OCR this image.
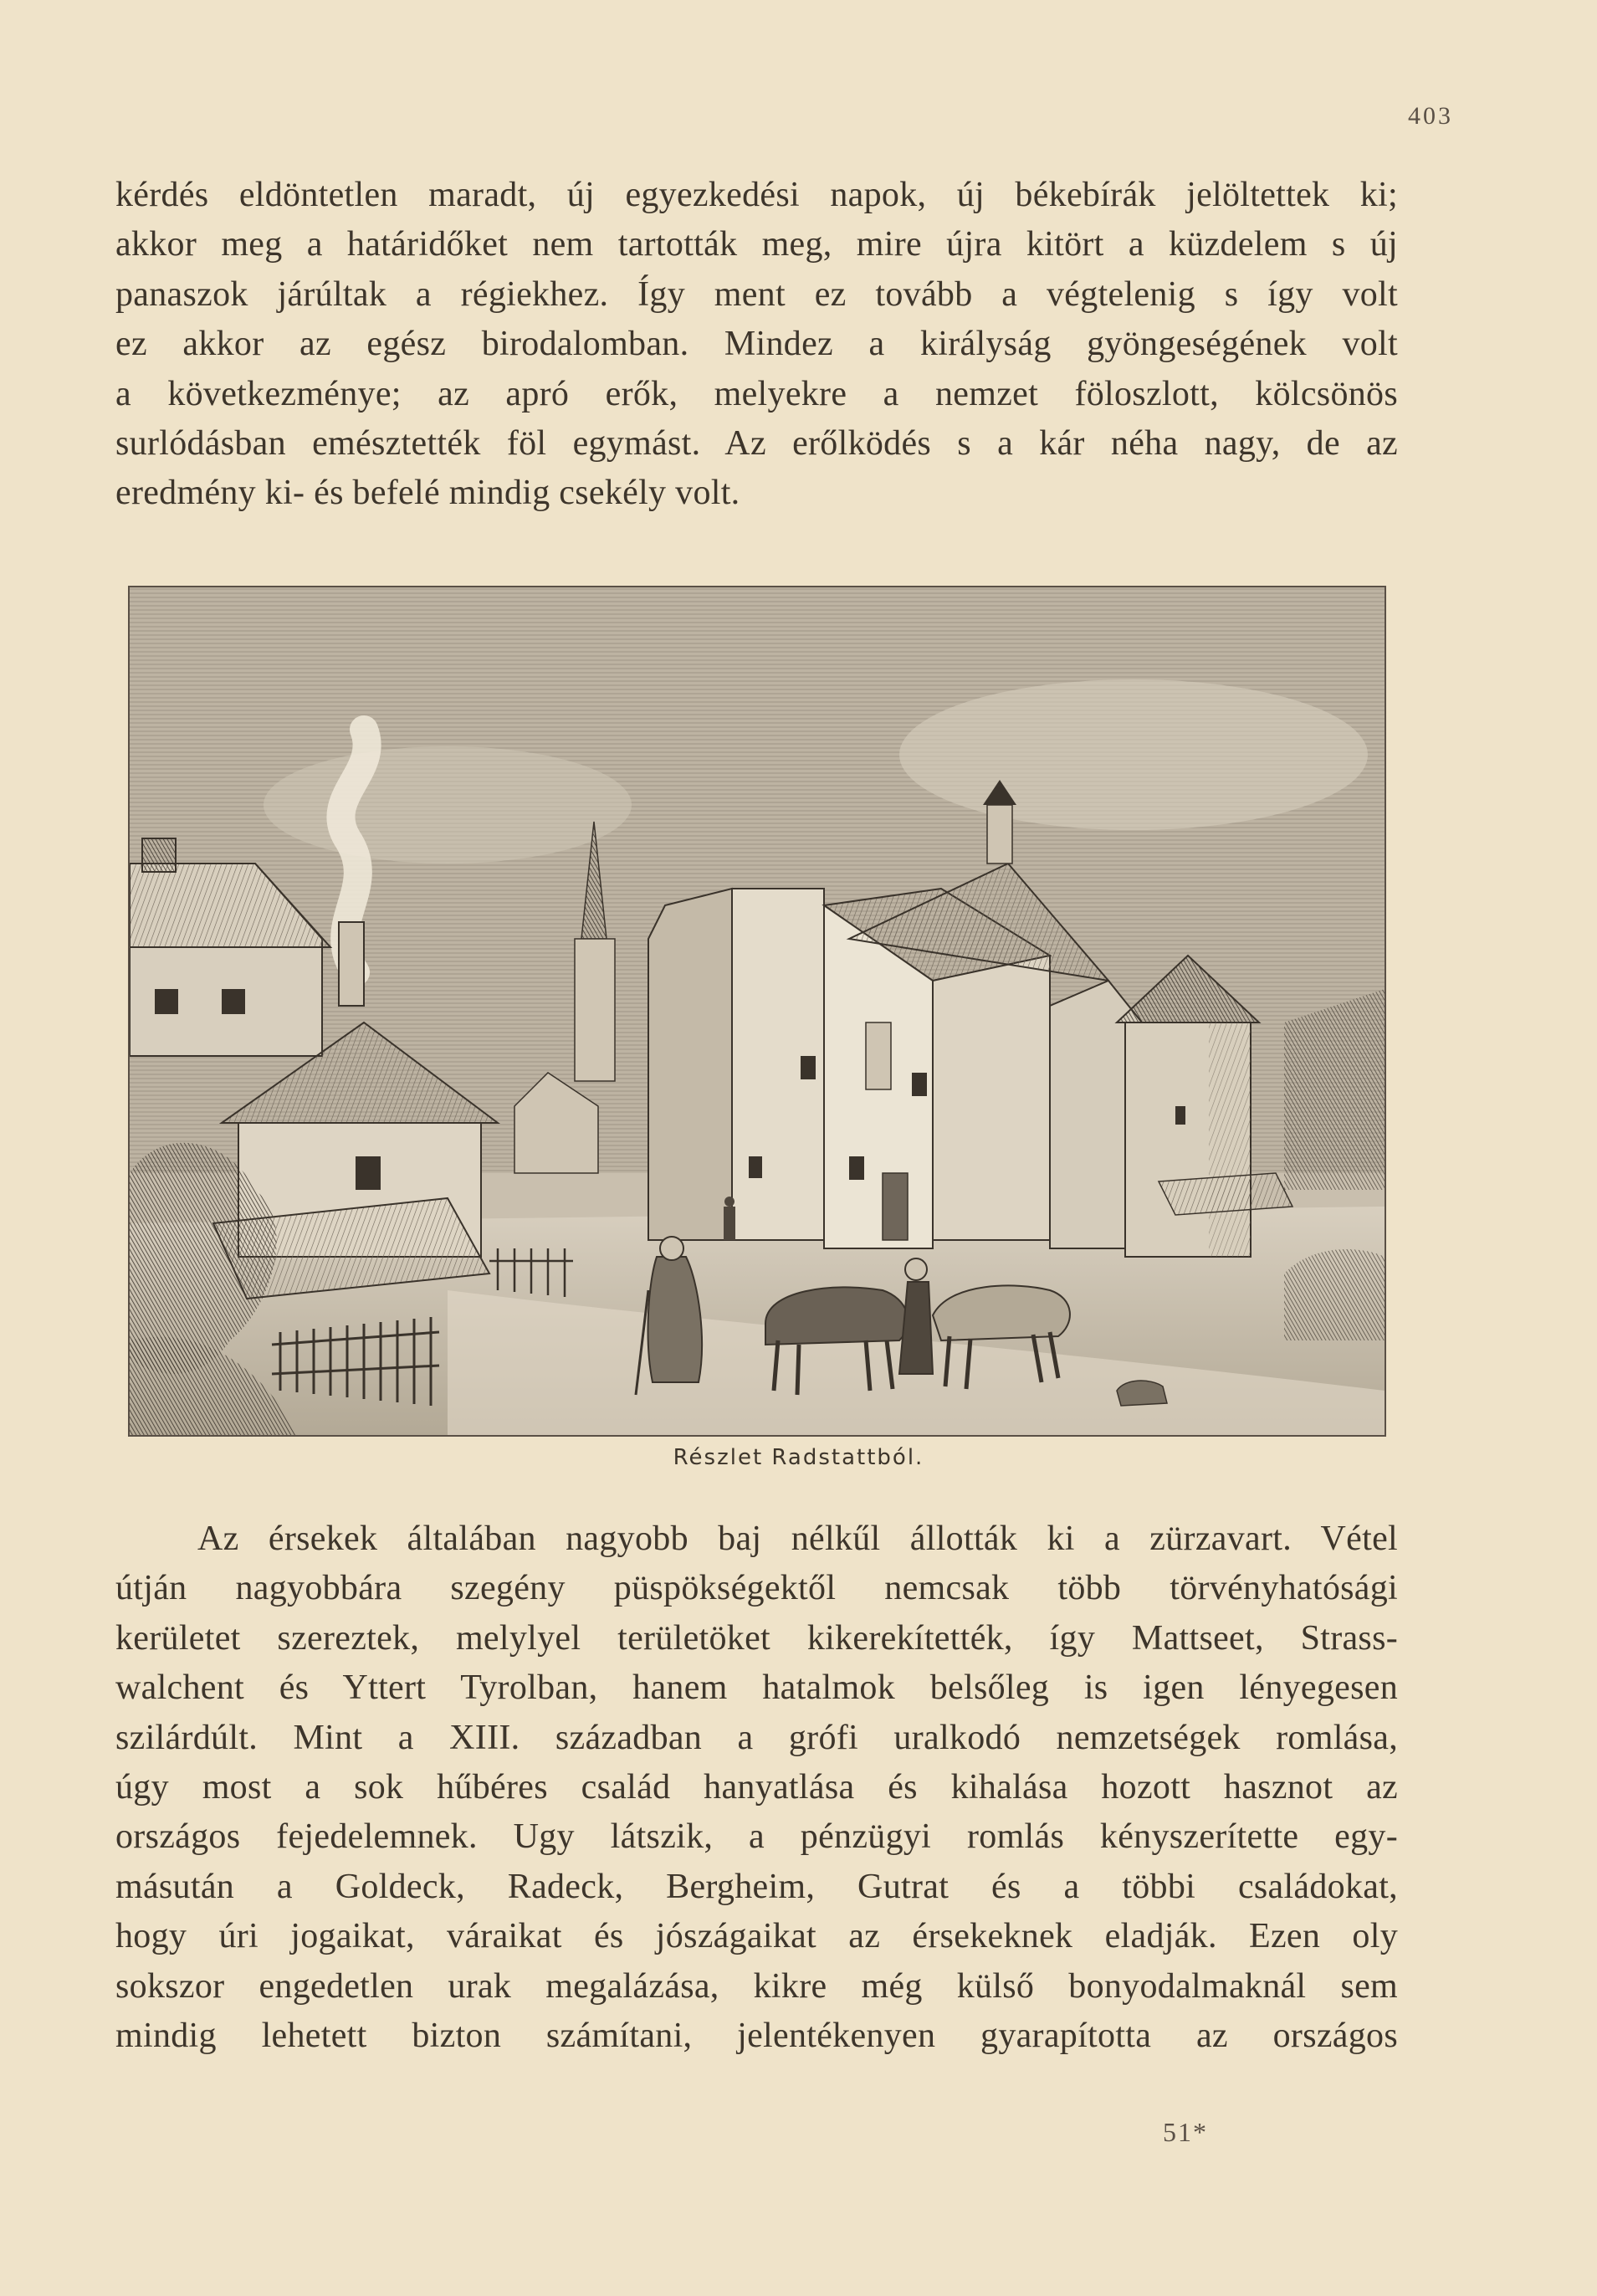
403
kérdés eldöntetlen maradt, új egyezkedési napok, új békebírák jelöltettek ki;
akkor meg a határidőket nem tartották meg, mire újra kitört a küzdelem s új
panaszok járúltak a régiekhez. Így ment ez tovább a végtelenig s így volt
ez akkor az egész birodalomban. Mindez a királyság gyöngeségének volt
a következménye; az apró erők, melyekre a nemzet föloszlott, kölcsönös
surlódásban emésztették föl egymást. Az erőlködés s a kár néha nagy, de az
eredmény ki- és befelé mindig csekély volt.
Részlet Radstattból.
Az érsekek általában nagyobb baj nélkűl állották ki a zürzavart. Vétel
útján nagyobbára szegény püspökségektől nemcsak több törvényhatósági
kerületet szereztek, melylyel területöket kikerekítették, így Mattseet, Strass-
walchent és Yttert Tyrolban, hanem hatalmok belsőleg is igen lényegesen
szilárdúlt. Mint a XIII. században a grófi uralkodó nemzetségek romlása,
úgy most a sok hűbéres család hanyatlása és kihalása hozott hasznot az
országos fejedelemnek. Ugy látszik, a pénzügyi romlás kényszerítette egy-
másután a Goldeck, Radeck, Bergheim, Gutrat és a többi családokat,
hogy úri jogaikat, váraikat és jószágaikat az érsekeknek eladják. Ezen oly
sokszor engedetlen urak megalázása, kikre még külső bonyodalmaknál sem
mindig lehetett bizton számítani, jelentékenyen gyarapította az országos
51*
